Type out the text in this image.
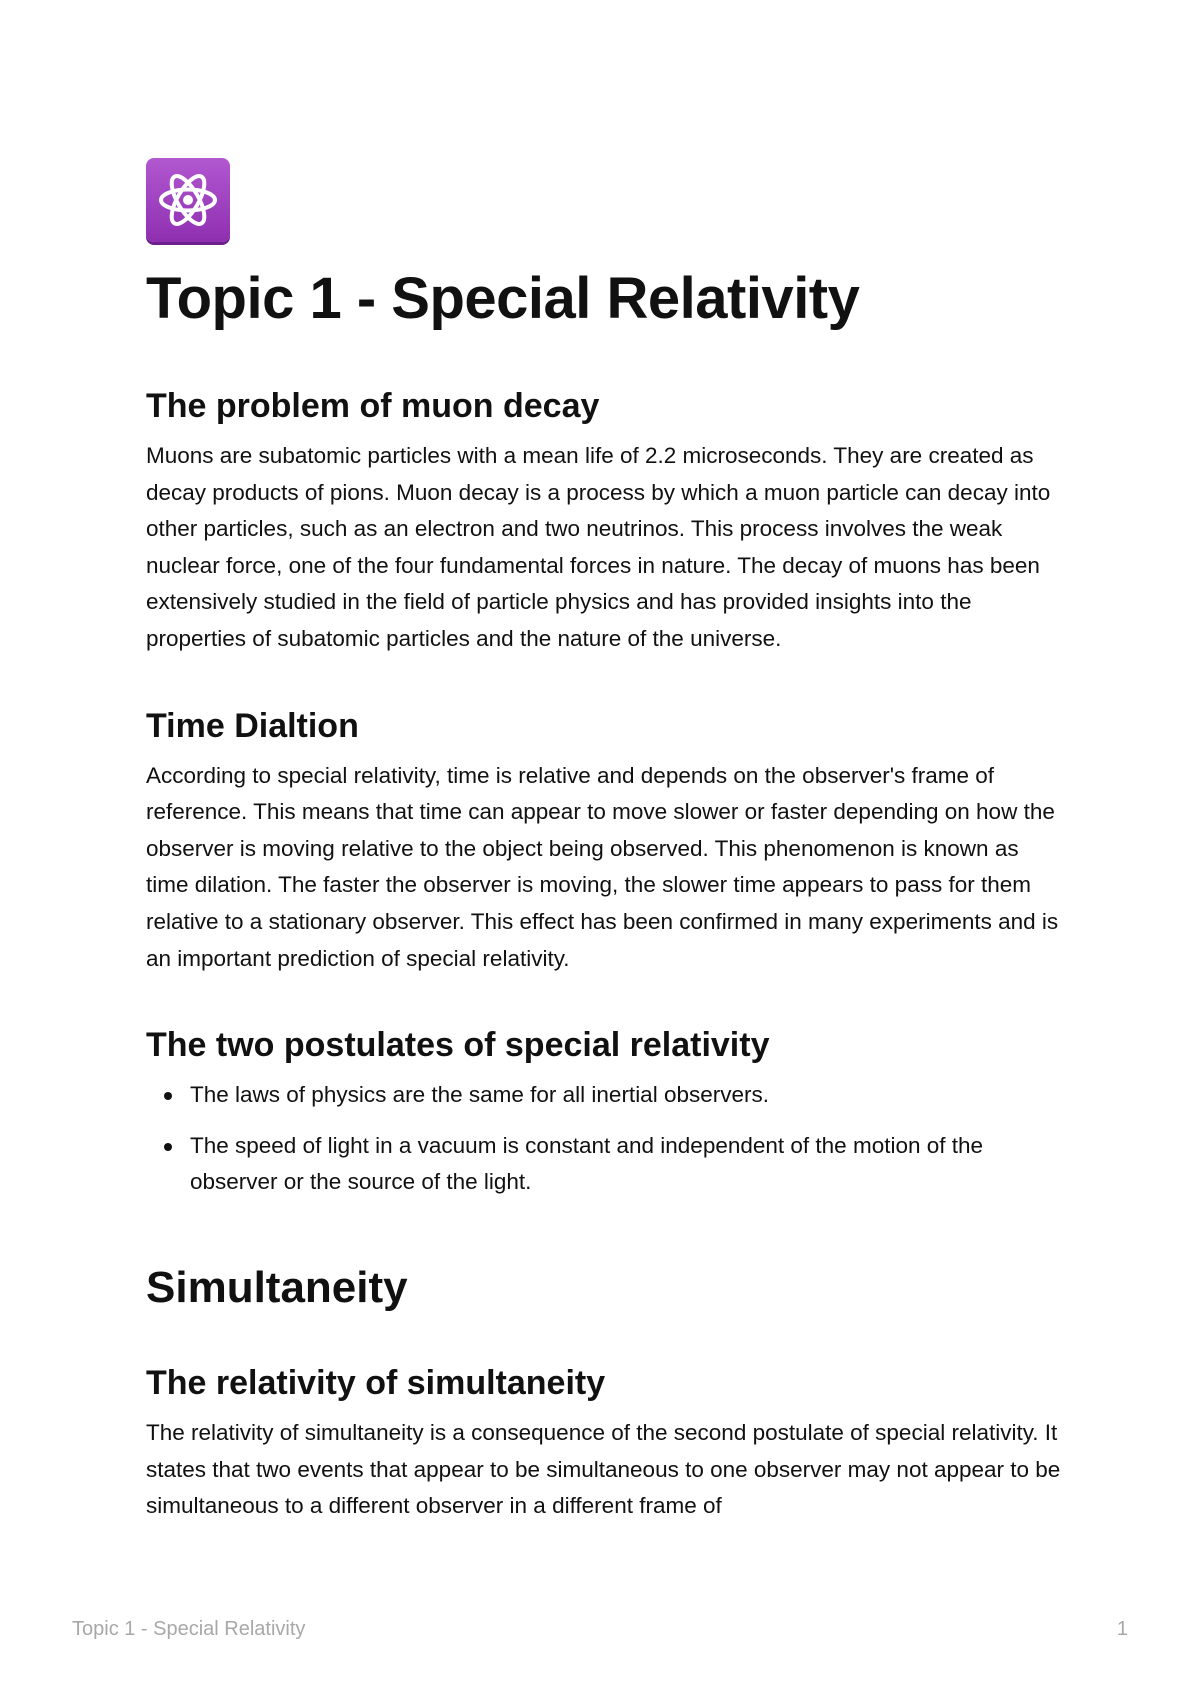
Topic 1 - Special Relativity
The problem of muon decay

Muons are subatomic particles with a mean life of 2.2 microseconds. They are created as decay products of pions. Muon decay is a process by which a muon particle can decay into other particles, such as an electron and two neutrinos. This process involves the weak nuclear force, one of the four fundamental forces in nature. The decay of muons has been extensively studied in the field of particle physics and has provided insights into the properties of subatomic particles and the nature of the universe.

Time Dialtion

According to special relativity, time is relative and depends on the observer's frame of reference. This means that time can appear to move slower or faster depending on how the observer is moving relative to the object being observed. This phenomenon is known as time dilation. The faster the observer is moving, the slower time appears to pass for them relative to a stationary observer. This effect has been confirmed in many experiments and is an important prediction of special relativity.

The two postulates of special relativity
The laws of physics are the same for all inertial observers.
The speed of light in a vacuum is constant and independent of the motion of the observer or the source of the light.
Simultaneity
The relativity of simultaneity

The relativity of simultaneity is a consequence of the second postulate of special relativity. It states that two events that appear to be simultaneous to one observer may not appear to be simultaneous to a different observer in a different frame of

Topic 1 - Special Relativity	1
